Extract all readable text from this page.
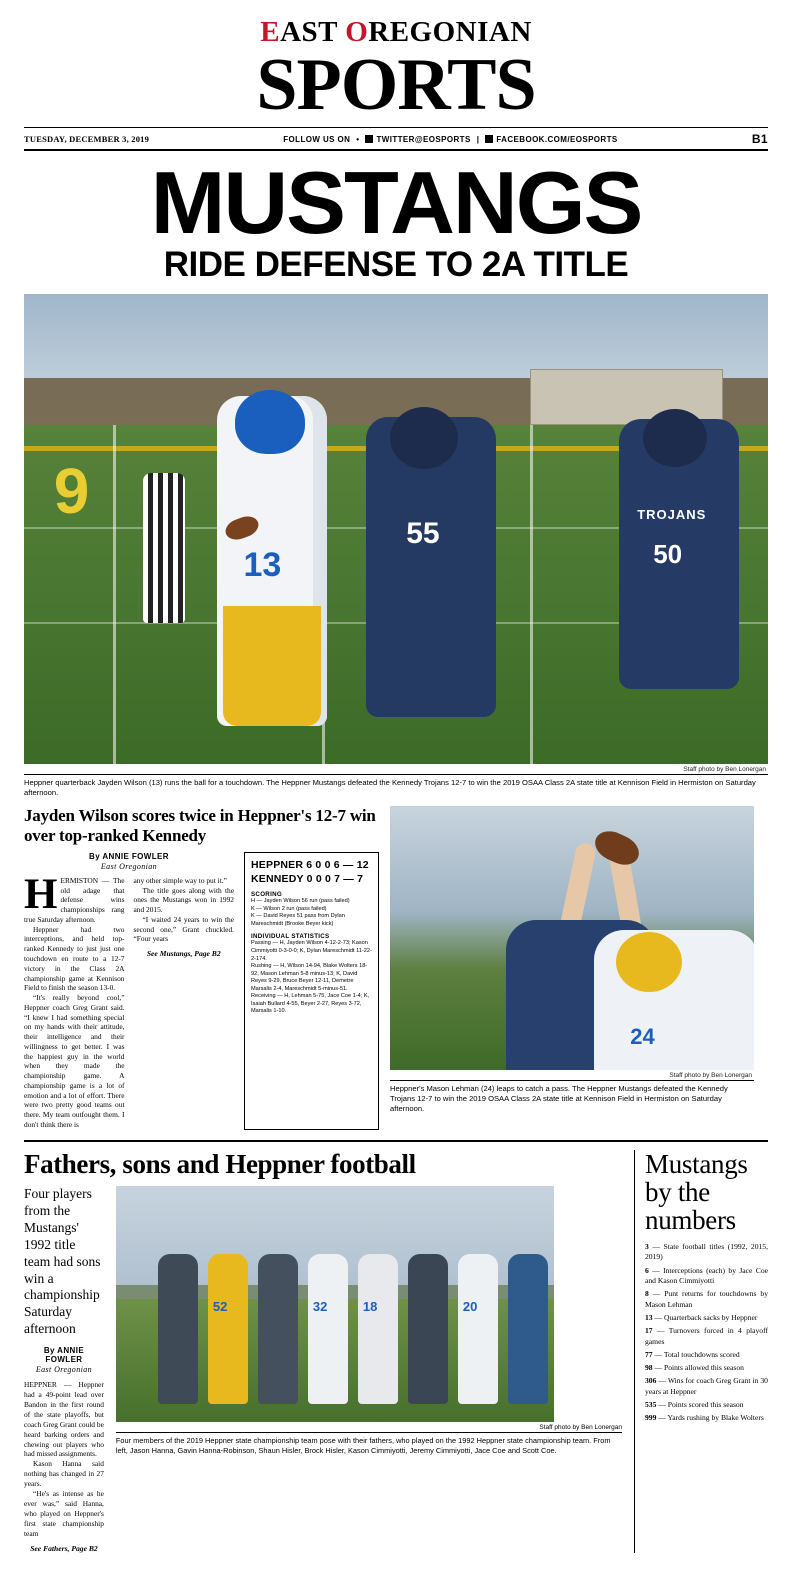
EAST OREGONIAN
SPORTS
TUESDAY, DECEMBER 3, 2019	FOLLOW US ON •	TWITTER@EOSPORTS |	FACEBOOK.COM/EOSPORTS	B1
MUSTANGS
RIDE DEFENSE TO 2A TITLE
9
13
55
TROJANS
50
Staff photo by Ben Lonergan
Heppner quarterback Jayden Wilson (13) runs the ball for a touchdown. The Heppner Mustangs defeated the Kennedy Trojans 12-7 to win the 2019 OSAA Class 2A state title at Kennison Field in Hermiston on Saturday afternoon.
Jayden Wilson scores twice in Heppner's 12-7 win over top-ranked Kennedy
By ANNIE FOWLER
East Oregonian

HERMISTON — The old adage that defense wins championships rang true Saturday afternoon.

Heppner had two interceptions, and held top-ranked Kennedy to just just one touchdown en route to a 12-7 victory in the Class 2A championship game at Kennison Field to finish the season 13-0.

“It's really beyond cool,” Heppner coach Greg Grant said. “I knew I had something special on my hands with their attitude, their intelligence and their willingness to get better. I was the happiest guy in the world when they made the championship game. A championship game is a lot of emotion and a lot of effort. There were two pretty good teams out there. My team outfought them. I don't think there is

any other simple way to put it.”

The title goes along with the ones the Mustangs won in 1992 and 2015.

“I waited 24 years to win the second one,” Grant chuckled. “Four years

See Mustangs, Page B2
HEPPNER 6 0 0 6 — 12
KENNEDY 0 0 0 7 — 7
SCORING
H — Jayden Wilson 56 run (pass failed)
K — Wilson 2 run (pass failed)
K — David Reyes 51 pass from Dylan Mareschmidt (Brooke Beyer kick)
INDIVIDUAL STATISTICS
Passing — H, Jayden Wilson 4-12-2-73; Kason Cimmiyotti 0-3-0-0; K, Dylan Mareschmidt 11-22-2-174.
Rushing — H, Wilson 14-94, Blake Wolters 18-92, Mason Lehman 5-8 minus-13; K, David Reyes 9-29, Bruce Beyer 12-11, Demetre Marsalis 2-4, Mareschmidt 5-minus-51.
Receiving — H, Lehman 5-75, Jace Coe 1-4; K, Isaiah Bullard 4-55, Beyer 2-27, Reyes 3-72, Marsalis 1-10.
24
Staff photo by Ben Lonergan
Heppner's Mason Lehman (24) leaps to catch a pass. The Heppner Mustangs defeated the Kennedy Trojans 12-7 to win the 2019 OSAA Class 2A state title at Kennison Field in Hermiston on Saturday afternoon.
Fathers, sons and Heppner football
Four players from the Mustangs' 1992 title team had sons win a championship Saturday afternoon
By ANNIE FOWLER
East Oregonian

HEPPNER — Heppner had a 49-point lead over Bandon in the first round of the state playoffs, but coach Greg Grant could be heard barking orders and chewing out players who had missed assignments.

Kason Hanna said nothing has changed in 27 years.

“He's as intense as he ever was,” said Hanna, who played on Heppner's first state championship team

See Fathers, Page B2
52	32	18	20
Staff photo by Ben Lonergan
Four members of the 2019 Heppner state championship team pose with their fathers, who played on the 1992 Heppner state championship team. From left, Jason Hanna, Gavin Hanna-Robinson, Shaun Hisler, Brock Hisler, Kason Cimmiyotti, Jeremy Cimmiyotti, Jace Coe and Scott Coe.
Mustangs by the numbers
3 — State football titles (1992, 2015, 2019)
6 — Interceptions (each) by Jace Coe and Kason Cimmiyotti
8 — Punt returns for touchdowns by Mason Lehman
13 — Quarterback sacks by Heppner
17 — Turnovers forced in 4 playoff games
77 — Total touchdowns scored
98 — Points allowed this season
306 — Wins for coach Greg Grant in 30 years at Heppner
535 — Points scored this season
999 — Yards rushing by Blake Wolters
